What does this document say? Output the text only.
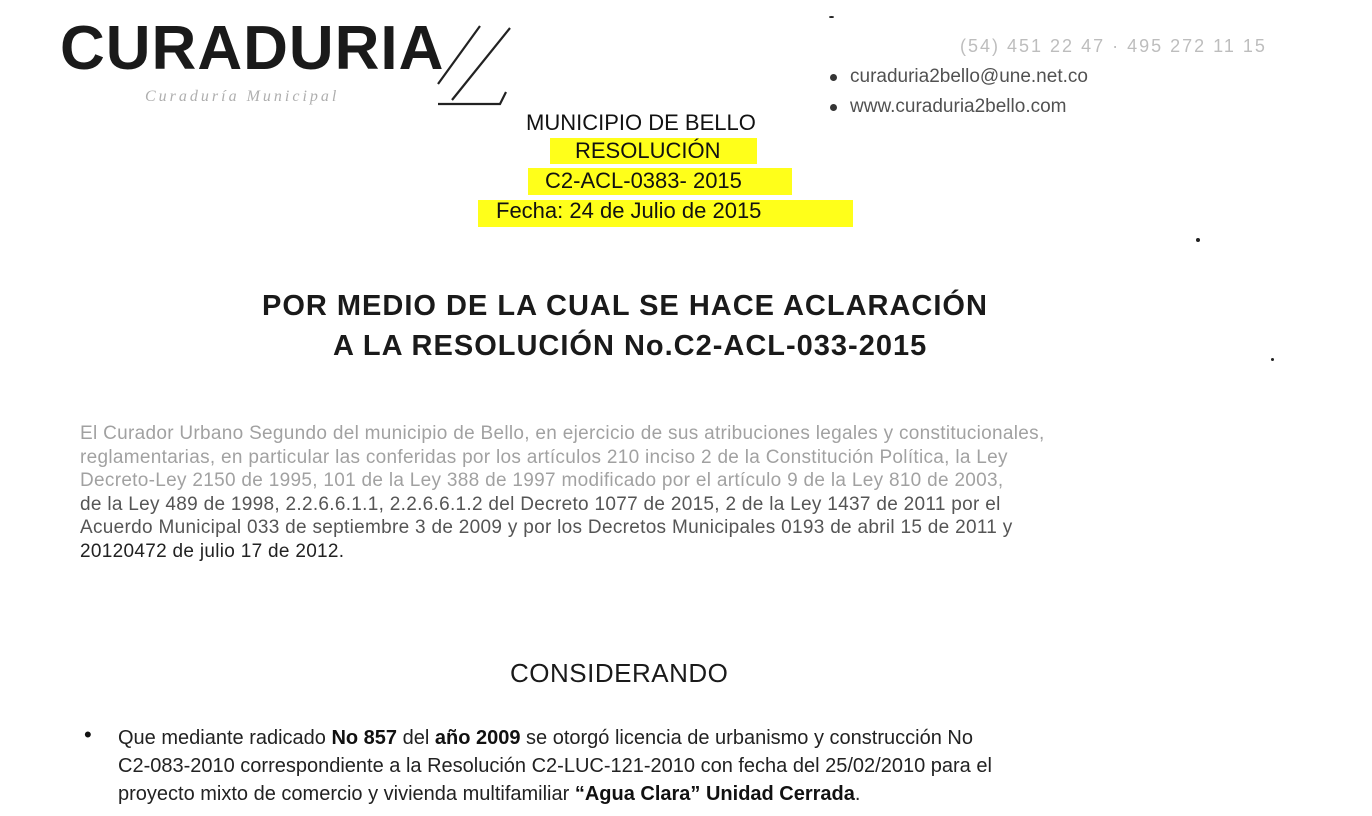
CURADURIA
Curaduría Municipal
(54) 451 22 47 · 495 272 11 15
curaduria2bello@une.net.co
www.curaduria2bello.com
MUNICIPIO DE BELLO
RESOLUCIÓN
C2-ACL-0383- 2015
Fecha: 24 de Julio de 2015
POR MEDIO DE LA CUAL SE HACE ACLARACIÓN
A LA RESOLUCIÓN No.C2-ACL-033-2015
El Curador Urbano Segundo del municipio de Bello, en ejercicio de sus atribuciones legales y constitucionales,
reglamentarias, en particular las conferidas por los artículos 210 inciso 2 de la Constitución Política, la Ley
Decreto-Ley 2150 de 1995, 101 de la Ley 388 de 1997 modificado por el artículo 9 de la Ley 810 de 2003,
de la Ley 489 de 1998, 2.2.6.6.1.1, 2.2.6.6.1.2 del Decreto 1077 de 2015, 2 de la Ley 1437 de 2011 por el
Acuerdo Municipal 033 de septiembre 3 de 2009 y por los Decretos Municipales 0193 de abril 15 de 2011 y
20120472 de julio 17 de 2012.
CONSIDERANDO
• Que mediante radicado No 857 del año 2009 se otorgó licencia de urbanismo y construcción No
C2-083-2010 correspondiente a la Resolución C2-LUC-121-2010 con fecha del 25/02/2010 para el
proyecto mixto de comercio y vivienda multifamiliar “Agua Clara” Unidad Cerrada.
